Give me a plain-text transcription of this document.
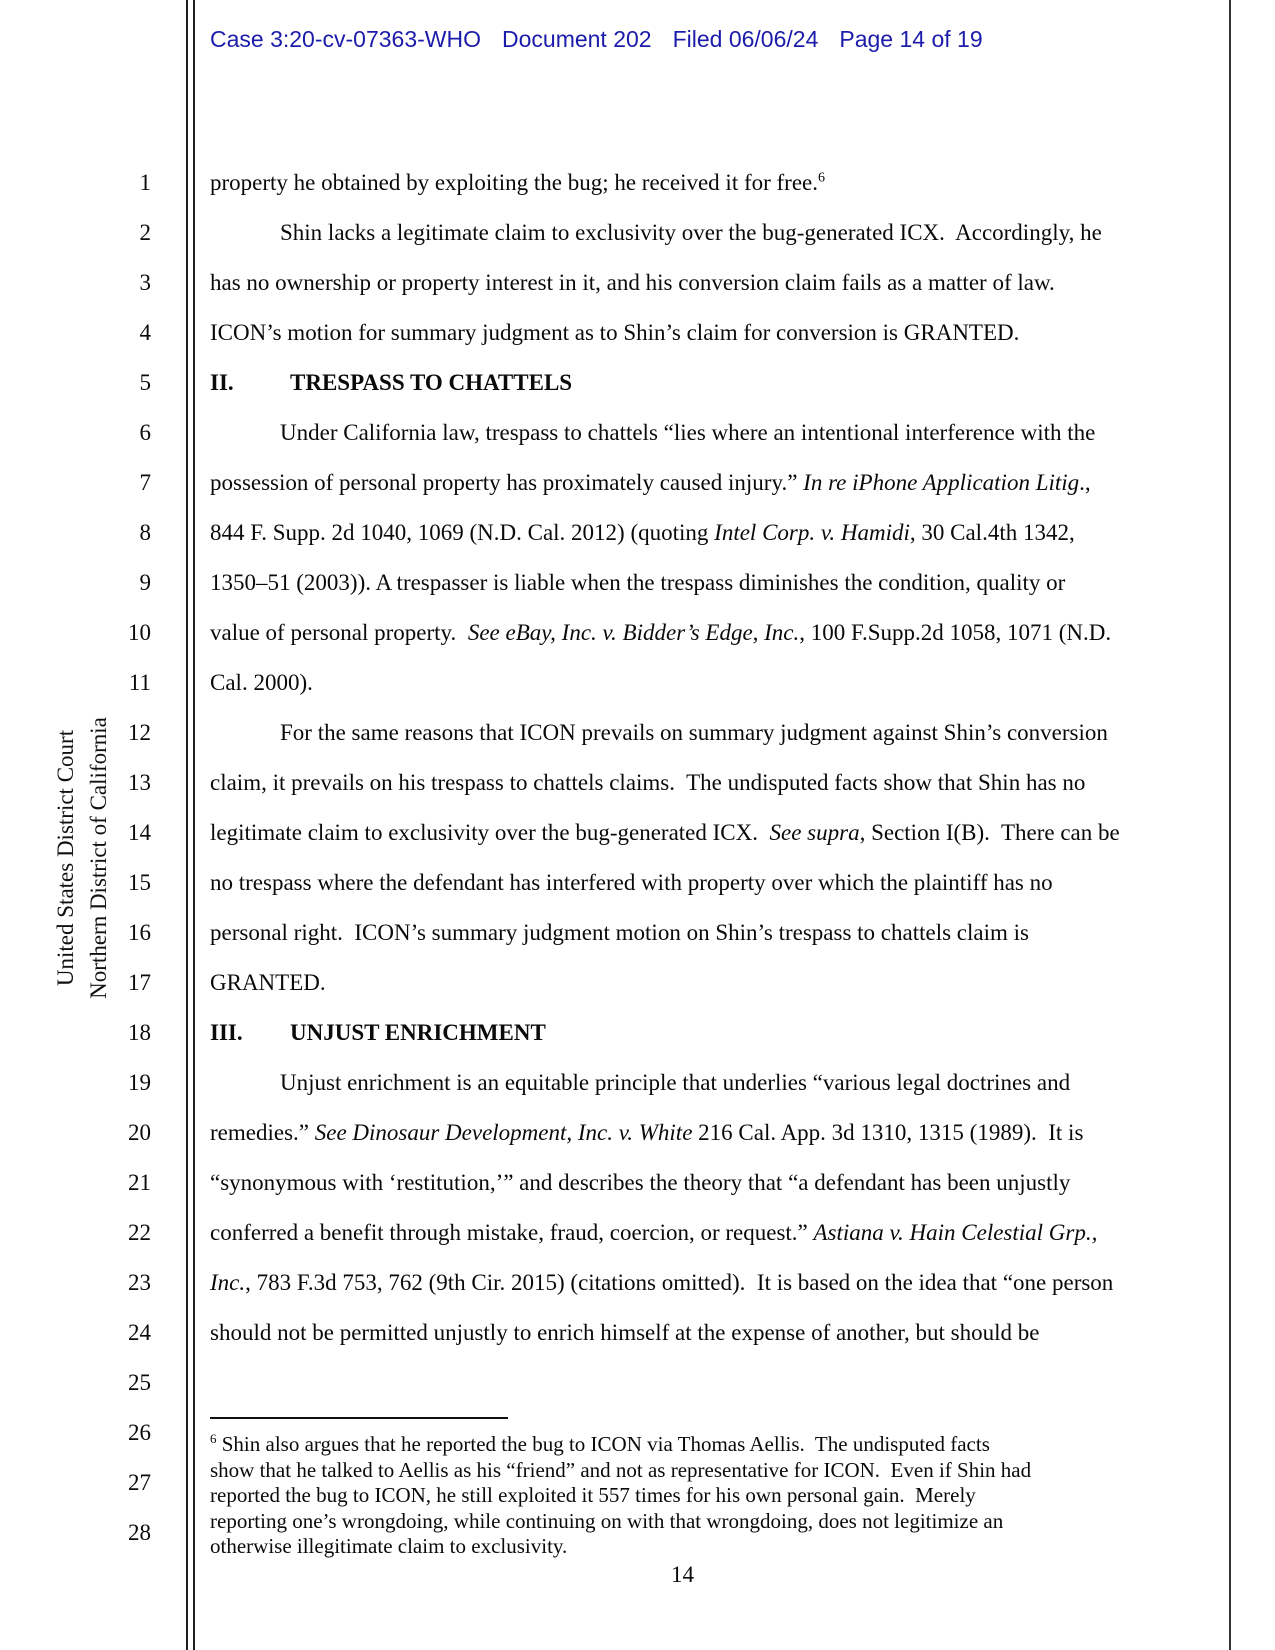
Case 3:20-cv-07363-WHO Document 202 Filed 06/06/24 Page 14 of 19
United States District Court Northern District of California
1
2
3
4
5
6
7
8
9
10
11
12
13
14
15
16
17
18
19
20
21
22
23
24
25
26
27
28
property he obtained by exploiting the bug; he received it for free.$^6$
Shin lacks a legitimate claim to exclusivity over the bug-generated ICX.  Accordingly, he
has no ownership or property interest in it, and his conversion claim fails as a matter of law.
ICON’s motion for summary judgment as to Shin’s claim for conversion is GRANTED.
II. TRESPASS TO CHATTELS
Under California law, trespass to chattels “lies where an intentional interference with the
possession of personal property has proximately caused injury.” In re iPhone Application Litig.,
844 F. Supp. 2d 1040, 1069 (N.D. Cal. 2012) (quoting Intel Corp. v. Hamidi, 30 Cal.4th 1342,
1350–51 (2003)). A trespasser is liable when the trespass diminishes the condition, quality or
value of personal property.  See eBay, Inc. v. Bidder’s Edge, Inc., 100 F.Supp.2d 1058, 1071 (N.D.
Cal. 2000).
For the same reasons that ICON prevails on summary judgment against Shin’s conversion
claim, it prevails on his trespass to chattels claims.  The undisputed facts show that Shin has no
legitimate claim to exclusivity over the bug-generated ICX.  See supra, Section I(B).  There can be
no trespass where the defendant has interfered with property over which the plaintiff has no
personal right.  ICON’s summary judgment motion on Shin’s trespass to chattels claim is
GRANTED.
III. UNJUST ENRICHMENT
Unjust enrichment is an equitable principle that underlies “various legal doctrines and
remedies.” See Dinosaur Development, Inc. v. White 216 Cal. App. 3d 1310, 1315 (1989).  It is
“synonymous with ‘restitution,’” and describes the theory that “a defendant has been unjustly
conferred a benefit through mistake, fraud, coercion, or request.” Astiana v. Hain Celestial Grp.,
Inc., 783 F.3d 753, 762 (9th Cir. 2015) (citations omitted).  It is based on the idea that “one person
should not be permitted unjustly to enrich himself at the expense of another, but should be
$^6$ Shin also argues that he reported the bug to ICON via Thomas Aellis.  The undisputed facts
show that he talked to Aellis as his “friend” and not as representative for ICON.  Even if Shin had
reported the bug to ICON, he still exploited it 557 times for his own personal gain.  Merely
reporting one’s wrongdoing, while continuing on with that wrongdoing, does not legitimize an
otherwise illegitimate claim to exclusivity.
14
